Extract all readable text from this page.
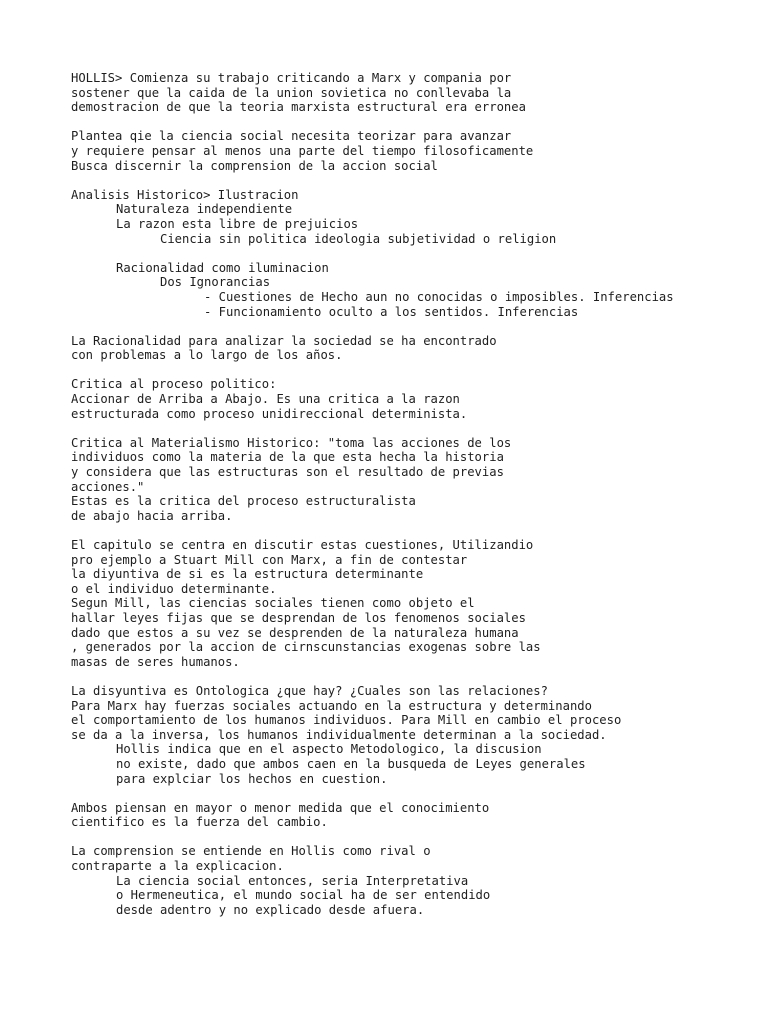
HOLLIS> Comienza su trabajo criticando a Marx y compania por
sostener que la caida de la union sovietica no conllevaba la
demostracion de que la teoria marxista estructural era erronea
Plantea qie la ciencia social necesita teorizar para avanzar
y requiere pensar al menos una parte del tiempo filosoficamente
Busca discernir la comprension de la accion social
Analisis Historico> Ilustracion
Naturaleza independiente
La razon esta libre de prejuicios
Ciencia sin politica ideologia subjetividad o religion
Racionalidad como iluminacion
Dos Ignorancias
- Cuestiones de Hecho aun no conocidas o imposibles. Inferencias
- Funcionamiento oculto a los sentidos. Inferencias
La Racionalidad para analizar la sociedad se ha encontrado
con problemas a lo largo de los años.
Critica al proceso politico:
Accionar de Arriba a Abajo. Es una critica a la razon
estructurada como proceso unidireccional determinista.
Critica al Materialismo Historico: "toma las acciones de los
individuos como la materia de la que esta hecha la historia
y considera que las estructuras son el resultado de previas
acciones."
Estas es la critica del proceso estructuralista
de abajo hacia arriba.
El capitulo se centra en discutir estas cuestiones, Utilizandio
pro ejemplo a Stuart Mill con Marx, a fin de contestar
la diyuntiva de si es la estructura determinante
o el individuo determinante.
Segun Mill, las ciencias sociales tienen como objeto el
hallar leyes fijas que se desprendan de los fenomenos sociales
dado que estos a su vez se desprenden de la naturaleza humana
, generados por la accion de cirnscunstancias exogenas sobre las
masas de seres humanos.
La disyuntiva es Ontologica ¿que hay? ¿Cuales son las relaciones?
Para Marx hay fuerzas sociales actuando en la estructura y determinando
el comportamiento de los humanos individuos. Para Mill en cambio el proceso
se da a la inversa, los humanos individualmente determinan a la sociedad.
Hollis indica que en el aspecto Metodologico, la discusion
no existe, dado que ambos caen en la busqueda de Leyes generales
para explciar los hechos en cuestion.
Ambos piensan en mayor o menor medida que el conocimiento
cientifico es la fuerza del cambio.
La comprension se entiende en Hollis como rival o
contraparte a la explicacion.
La ciencia social entonces, seria Interpretativa
o Hermeneutica, el mundo social ha de ser entendido
desde adentro y no explicado desde afuera.
